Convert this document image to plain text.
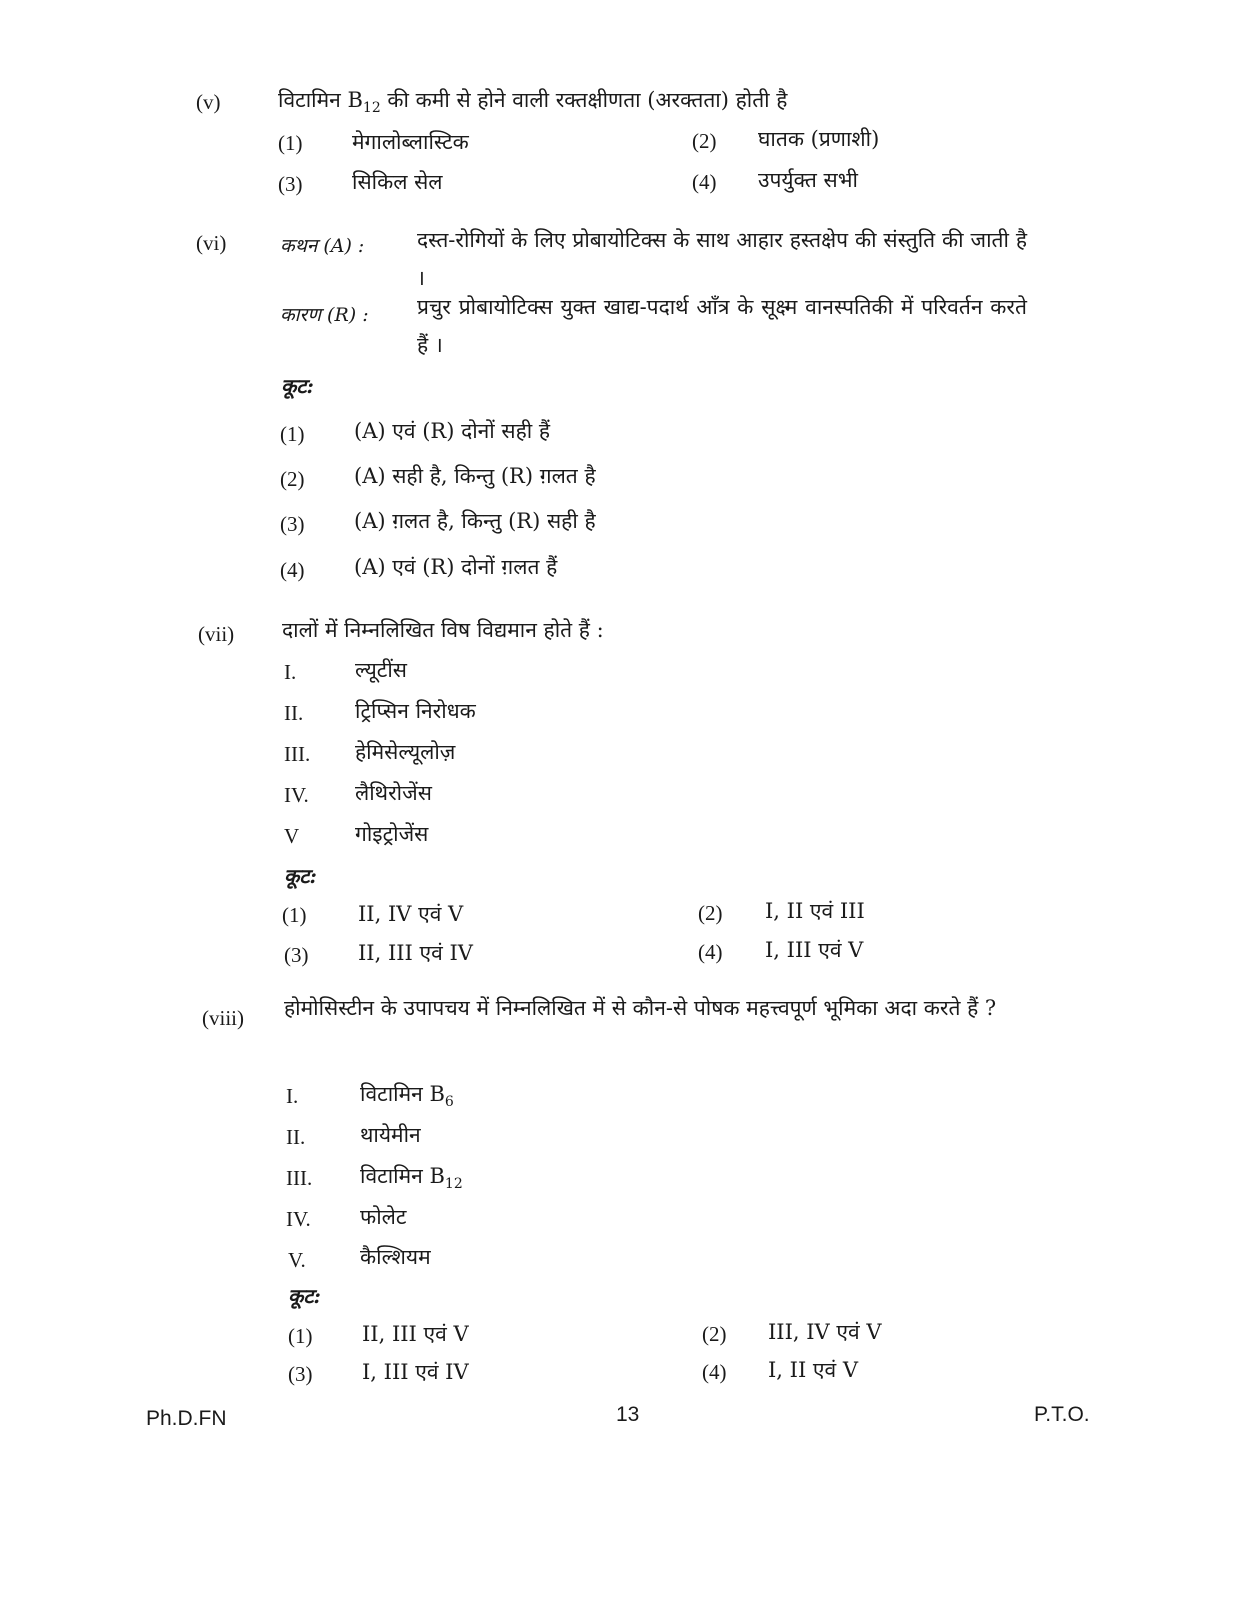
(v)	विटामिन $B_{12}$ की कमी से होने वाली रक्तक्षीणता (अरक्तता) होती है
(1) मेगालोब्लास्टिक	(2) घातक (प्रणाशी)
(3) सिकिल सेल	(4) उपर्युक्त सभी
(vi)	कथन (A) :	दस्त-रोगियों के लिए प्रोबायोटिक्स के साथ आहार हस्तक्षेप की संस्तुति की जाती है ।
कारण (R) : प्रचुर प्रोबायोटिक्स युक्त खाद्य-पदार्थ आँत्र के सूक्ष्म वानस्पतिकी में परिवर्तन करते हैं ।
कूट:
(1) (A) एवं (R) दोनों सही हैं
(2) (A) सही है, किन्तु (R) ग़लत है
(3) (A) ग़लत है, किन्तु (R) सही है
(4) (A) एवं (R) दोनों ग़लत हैं
(vii) दालों में निम्नलिखित विष विद्यमान होते हैं :
I.	ल्यूटींस
II. ट्रिप्सिन निरोधक
III. हेमिसेल्यूलोज़
IV. लैथिरोजेंस
V	गोइट्रोजेंस
कूट:
(1) II, IV एवं V	(2) I, II एवं III
(3) II, III एवं IV	(4) I, III एवं V
(viii) होमोसिस्टीन के उपापचय में निम्नलिखित में से कौन-से पोषक महत्त्वपूर्ण भूमिका अदा करते हैं ?
I.	विटामिन $B_6$
II.	थायेमीन
III. विटामिन $B_{12}$
IV. फोलेट
V.	कैल्शियम
कूट:
(1) II, III एवं V	(2) III, IV एवं V
(3) I, III एवं IV	(4) I, II एवं V
Ph.D.FN	13	P.T.O.
